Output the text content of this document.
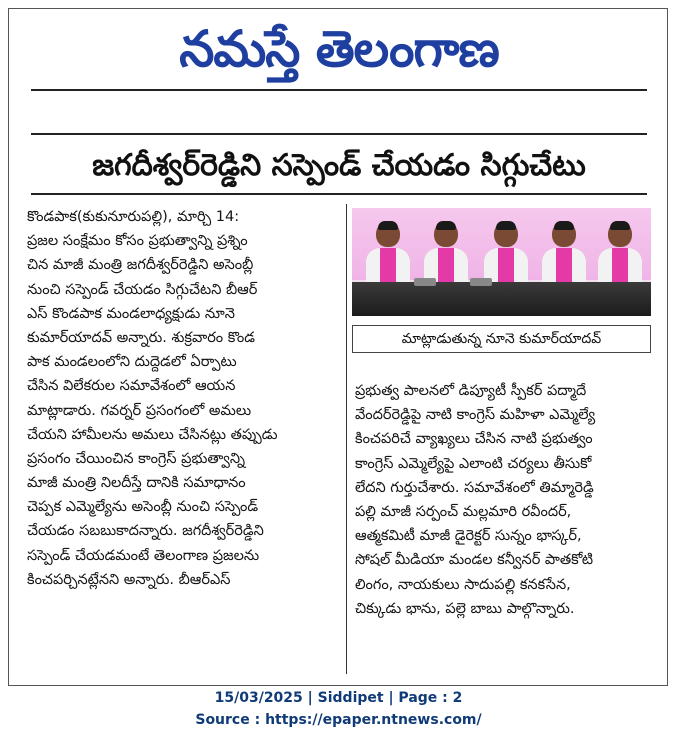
నమస్తే తెలంగాణ
జగదీశ్వర్‌రెడ్డిని సస్పెండ్‌ చేయడం సిగ్గుచేటు
కొండపాక(కుకునూరుపల్లి), మార్చి 14:
ప్రజల సంక్షేమం కోసం ప్రభుత్వాన్ని ప్రశ్నిం
చిన మాజీ మంత్రి జగదీశ్వర్‌రెడ్డిని అసెంబ్లీ
నుంచి సస్పెండ్‌ చేయడం సిగ్గుచేటని బీఆర్‌
ఎస్‌ కొండపాక మండలాధ్యక్షుడు నూనె
కుమార్‌యాదవ్‌ అన్నారు. శుక్రవారం కొండ
పాక మండలంలోని దుద్దెడలో ఏర్పాటు
చేసిన విలేకరుల సమావేశంలో ఆయన
మాట్లాడారు. గవర్నర్‌ ప్రసంగంలో అమలు
చేయని హామీలను అమలు చేసినట్లు తప్పుడు
ప్రసంగం చేయించిన కాంగ్రెస్‌ ప్రభుత్వాన్ని
మాజీ మంత్రి నిలదీస్తే దానికి సమాధానం
చెప్పక ఎమ్మెల్యేను అసెంబ్లీ నుంచి సస్పెండ్‌
చేయడం సబబుకాదన్నారు. జగదీశ్వర్‌రెడ్డిని
సస్పెండ్‌ చేయడమంటే తెలంగాణ ప్రజలను
కించపర్చినట్లేనని అన్నారు. బీఆర్‌ఎస్‌
మాట్లాడుతున్న నూనె కుమార్‌యాదవ్‌
ప్రభుత్వ పాలనలో డిప్యూటీ స్పీకర్‌ పద్మాదే
వేందర్‌రెడ్డిపై నాటి కాంగ్రెస్‌ మహిళా ఎమ్మెల్యే
కించపరిచే వ్యాఖ్యలు చేసిన నాటి ప్రభుత్వం
కాంగ్రెస్‌ ఎమ్మెల్యేపై ఎలాంటి చర్యలు తీసుకో
లేదని గుర్తుచేశారు. సమావేశంలో తిమ్మారెడ్డి
పల్లి మాజీ సర్పంచ్‌ మల్లమారి రవీందర్‌,
ఆత్మకమిటీ మాజీ డైరెక్టర్‌ సున్నం భాస్కర్‌,
సోషల్‌ మీడియా మండల కన్వీనర్‌ పాతకోటి
లింగం, నాయకులు సాదుపల్లి కనకసేన,
చిక్కుడు భాను, పల్లె బాబు పాల్గొన్నారు.
15/03/2025 | Siddipet | Page : 2
Source : https://epaper.ntnews.com/
